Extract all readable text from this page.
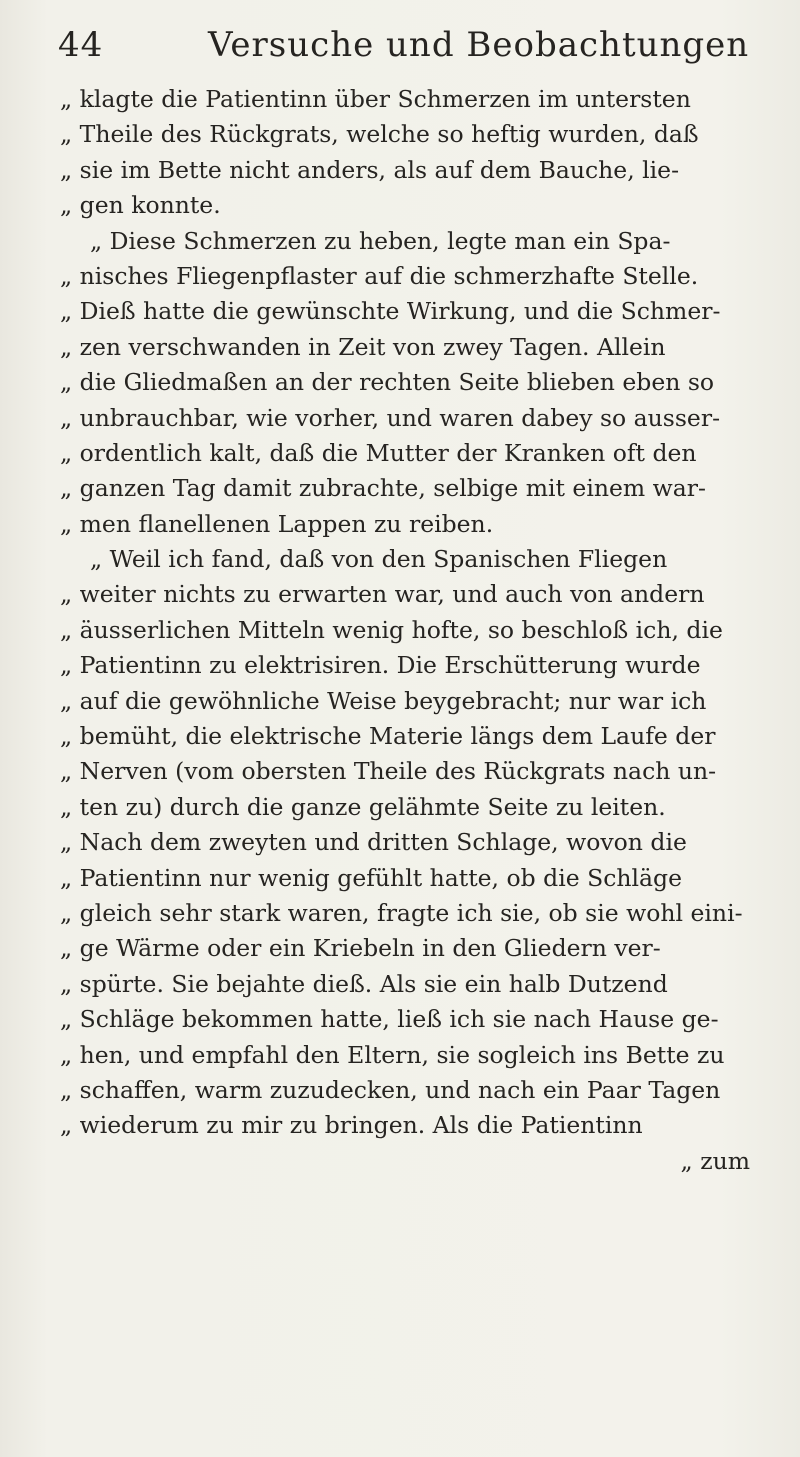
44	Versuche und Beobachtungen
„ klagte die Patientinn über Schmerzen im untersten
„ Theile des Rückgrats, welche so heftig wurden, daß
„ sie im Bette nicht anders, als auf dem Bauche, lie-
„ gen konnte.
„ Diese Schmerzen zu heben, legte man ein Spa-
„ nisches Fliegenpflaster auf die schmerzhafte Stelle.
„ Dieß hatte die gewünschte Wirkung, und die Schmer-
„ zen verschwanden in Zeit von zwey Tagen. Allein
„ die Gliedmaßen an der rechten Seite blieben eben so
„ unbrauchbar, wie vorher, und waren dabey so ausser-
„ ordentlich kalt, daß die Mutter der Kranken oft den
„ ganzen Tag damit zubrachte, selbige mit einem war-
„ men flanellenen Lappen zu reiben.
„ Weil ich fand, daß von den Spanischen Fliegen
„ weiter nichts zu erwarten war, und auch von andern
„ äusserlichen Mitteln wenig hofte, so beschloß ich, die
„ Patientinn zu elektrisiren. Die Erschütterung wurde
„ auf die gewöhnliche Weise beygebracht; nur war ich
„ bemüht, die elektrische Materie längs dem Laufe der
„ Nerven (vom obersten Theile des Rückgrats nach un-
„ ten zu) durch die ganze gelähmte Seite zu leiten.
„ Nach dem zweyten und dritten Schlage, wovon die
„ Patientinn nur wenig gefühlt hatte, ob die Schläge
„ gleich sehr stark waren, fragte ich sie, ob sie wohl eini-
„ ge Wärme oder ein Kriebeln in den Gliedern ver-
„ spürte. Sie bejahte dieß. Als sie ein halb Dutzend
„ Schläge bekommen hatte, ließ ich sie nach Hause ge-
„ hen, und empfahl den Eltern, sie sogleich ins Bette zu
„ schaffen, warm zuzudecken, und nach ein Paar Tagen
„ wiederum zu mir zu bringen. Als die Patientinn
„ zum
